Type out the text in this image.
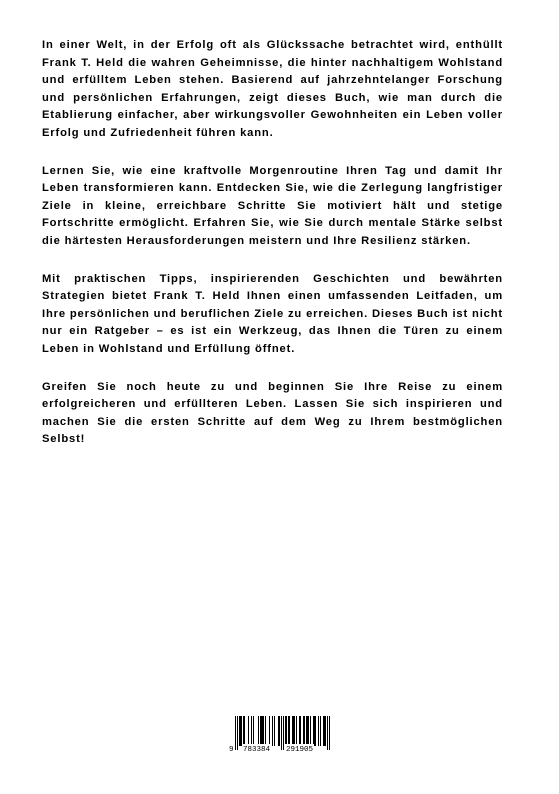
In einer Welt, in der Erfolg oft als Glückssache betrachtet wird, enthüllt Frank T. Held die wahren Geheimnisse, die hinter nachhaltigem Wohlstand und erfülltem Leben stehen. Basierend auf jahrzehntelanger Forschung und persönlichen Erfahrungen, zeigt dieses Buch, wie man durch die Etablierung einfacher, aber wirkungsvoller Gewohnheiten ein Leben voller Erfolg und Zufriedenheit führen kann.

Lernen Sie, wie eine kraftvolle Morgenroutine Ihren Tag und damit Ihr Leben transformieren kann. Entdecken Sie, wie die Zerlegung langfristiger Ziele in kleine, erreichbare Schritte Sie motiviert hält und stetige Fortschritte ermöglicht. Erfahren Sie, wie Sie durch mentale Stärke selbst die härtesten Herausforderungen meistern und Ihre Resilienz stärken.

Mit praktischen Tipps, inspirierenden Geschichten und bewährten Strategien bietet Frank T. Held Ihnen einen umfassenden Leitfaden, um Ihre persönlichen und beruflichen Ziele zu erreichen. Dieses Buch ist nicht nur ein Ratgeber – es ist ein Werkzeug, das Ihnen die Türen zu einem Leben in Wohlstand und Erfüllung öffnet.

Greifen Sie noch heute zu und beginnen Sie Ihre Reise zu einem erfolgreicheren und erfüllteren Leben. Lassen Sie sich inspirieren und machen Sie die ersten Schritte auf dem Weg zu Ihrem bestmöglichen Selbst!

9 783384 291905
